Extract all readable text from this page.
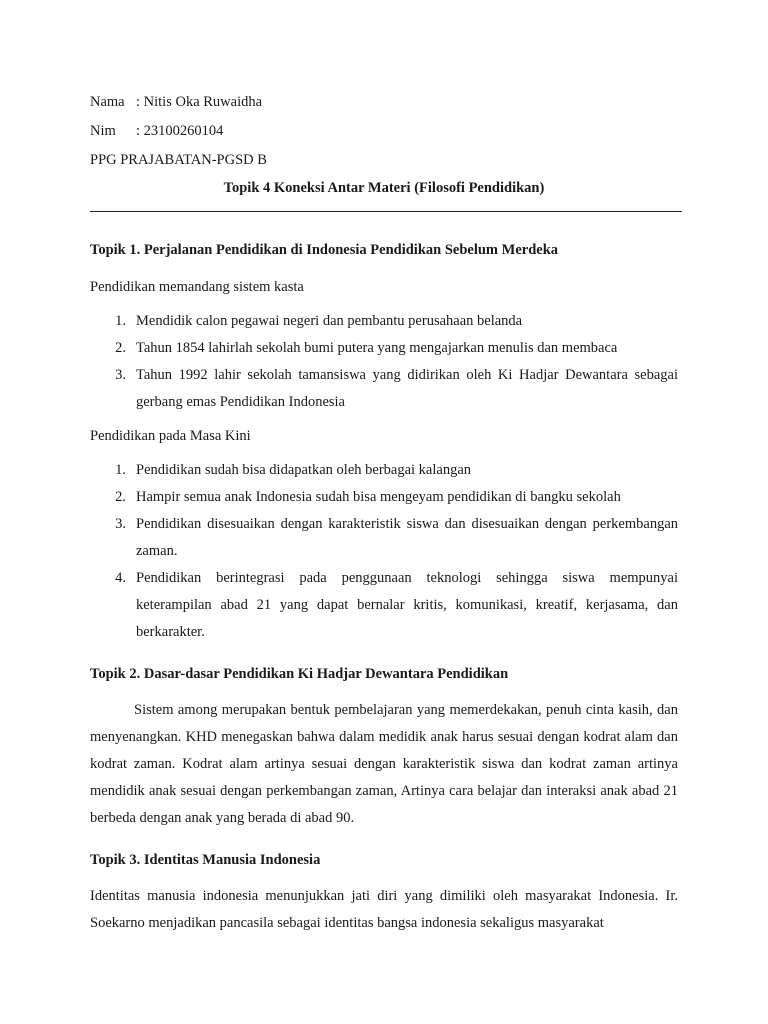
Nama : Nitis Oka Ruwaidha
Nim	: 23100260104
PPG PRAJABATAN-PGSD B
Topik 4 Koneksi Antar Materi (Filosofi Pendidikan)
Topik 1. Perjalanan Pendidikan di Indonesia Pendidikan Sebelum Merdeka
Pendidikan memandang sistem kasta
1. Mendidik calon pegawai negeri dan pembantu perusahaan belanda
2. Tahun 1854 lahirlah sekolah bumi putera yang mengajarkan menulis dan membaca
3. Tahun 1992 lahir sekolah tamansiswa yang didirikan oleh Ki Hadjar Dewantara sebagai gerbang emas Pendidikan Indonesia
Pendidikan pada Masa Kini
1. Pendidikan sudah bisa didapatkan oleh berbagai kalangan
2. Hampir semua anak Indonesia sudah bisa mengeyam pendidikan di bangku sekolah
3. Pendidikan disesuaikan dengan karakteristik siswa dan disesuaikan dengan perkembangan zaman.
4. Pendidikan berintegrasi pada penggunaan teknologi sehingga siswa mempunyai keterampilan abad 21 yang dapat bernalar kritis, komunikasi, kreatif, kerjasama, dan berkarakter.
Topik 2. Dasar-dasar Pendidikan Ki Hadjar Dewantara Pendidikan
Sistem among merupakan bentuk pembelajaran yang memerdekakan, penuh cinta kasih, dan menyenangkan. KHD menegaskan bahwa dalam medidik anak harus sesuai dengan kodrat alam dan kodrat zaman. Kodrat alam artinya sesuai dengan karakteristik siswa dan kodrat zaman artinya mendidik anak sesuai dengan perkembangan zaman, Artinya cara belajar dan interaksi anak abad 21 berbeda dengan anak yang berada di abad 90.
Topik 3. Identitas Manusia Indonesia
Identitas manusia indonesia menunjukkan jati diri yang dimiliki oleh masyarakat Indonesia. Ir. Soekarno menjadikan pancasila sebagai identitas bangsa indonesia sekaligus masyarakat
